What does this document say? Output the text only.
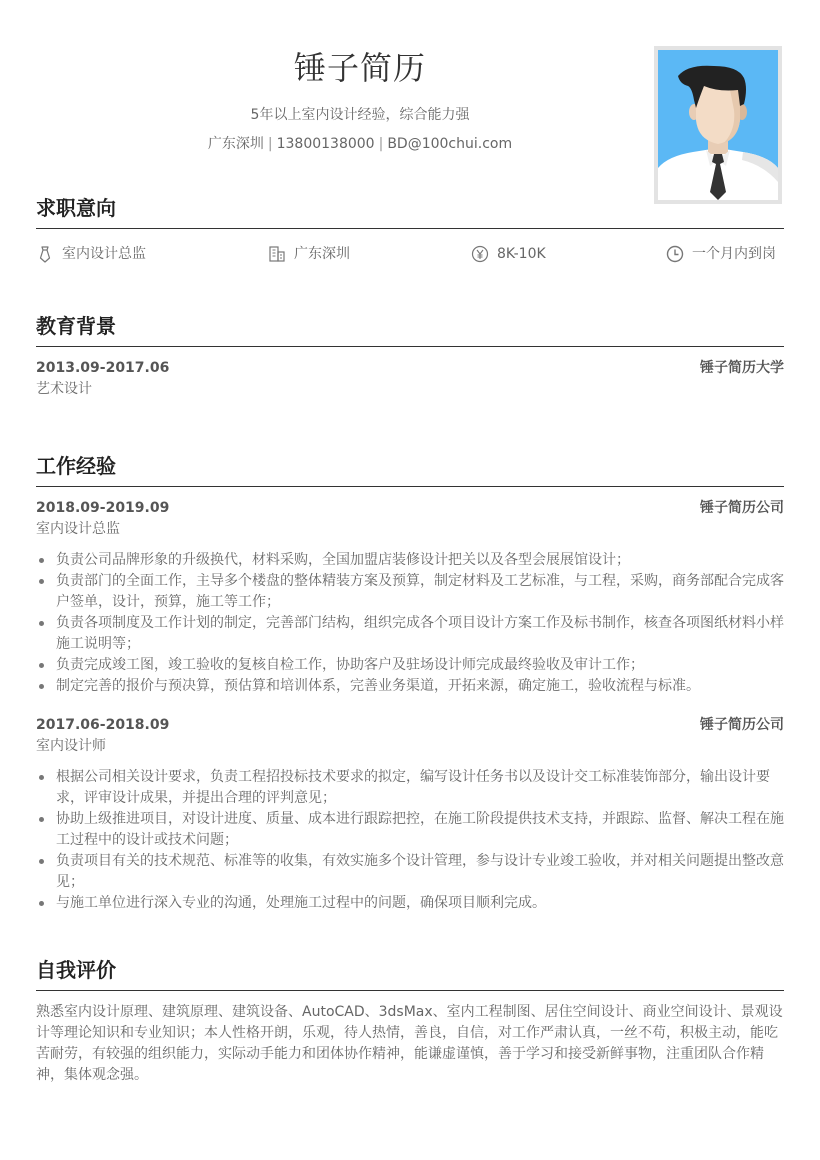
锤子简历
5年以上室内设计经验，综合能力强
广东深圳 | 13800138000 | BD@100chui.com
求职意向
室内设计总监	广东深圳	8K-10K	一个月内到岗
教育背景
2013.09-2017.06	锤子简历大学
艺术设计
工作经验
2018.09-2019.09	锤子简历公司
室内设计总监
负责公司品牌形象的升级换代，材料采购，全国加盟店装修设计把关以及各型会展展馆设计；
负责部门的全面工作，主导多个楼盘的整体精装方案及预算，制定材料及工艺标准，与工程，采购，商务部配合完成客户签单，设计，预算，施工等工作；
负责各项制度及工作计划的制定，完善部门结构，组织完成各个项目设计方案工作及标书制作，核查各项图纸材料小样施工说明等；
负责完成竣工图，竣工验收的复核自检工作，协助客户及驻场设计师完成最终验收及审计工作；
制定完善的报价与预决算，预估算和培训体系，完善业务渠道，开拓来源，确定施工，验收流程与标准。
2017.06-2018.09	锤子简历公司
室内设计师
根据公司相关设计要求，负责工程招投标技术要求的拟定，编写设计任务书以及设计交工标准装饰部分，输出设计要求，评审设计成果，并提出合理的评判意见；
协助上级推进项目，对设计进度、质量、成本进行跟踪把控，在施工阶段提供技术支持，并跟踪、监督、解决工程在施工过程中的设计或技术问题；
负责项目有关的技术规范、标准等的收集，有效实施多个设计管理，参与设计专业竣工验收，并对相关问题提出整改意见；
与施工单位进行深入专业的沟通，处理施工过程中的问题，确保项目顺利完成。
自我评价
熟悉室内设计原理、建筑原理、建筑设备、AutoCAD、3dsMax、室内工程制图、居住空间设计、商业空间设计、景观设计等理论知识和专业知识；本人性格开朗，乐观，待人热情，善良，自信，对工作严肃认真，一丝不苟，积极主动，能吃苦耐劳，有较强的组织能力，实际动手能力和团体协作精神，能谦虚谨慎，善于学习和接受新鲜事物，注重团队合作精神，集体观念强。
